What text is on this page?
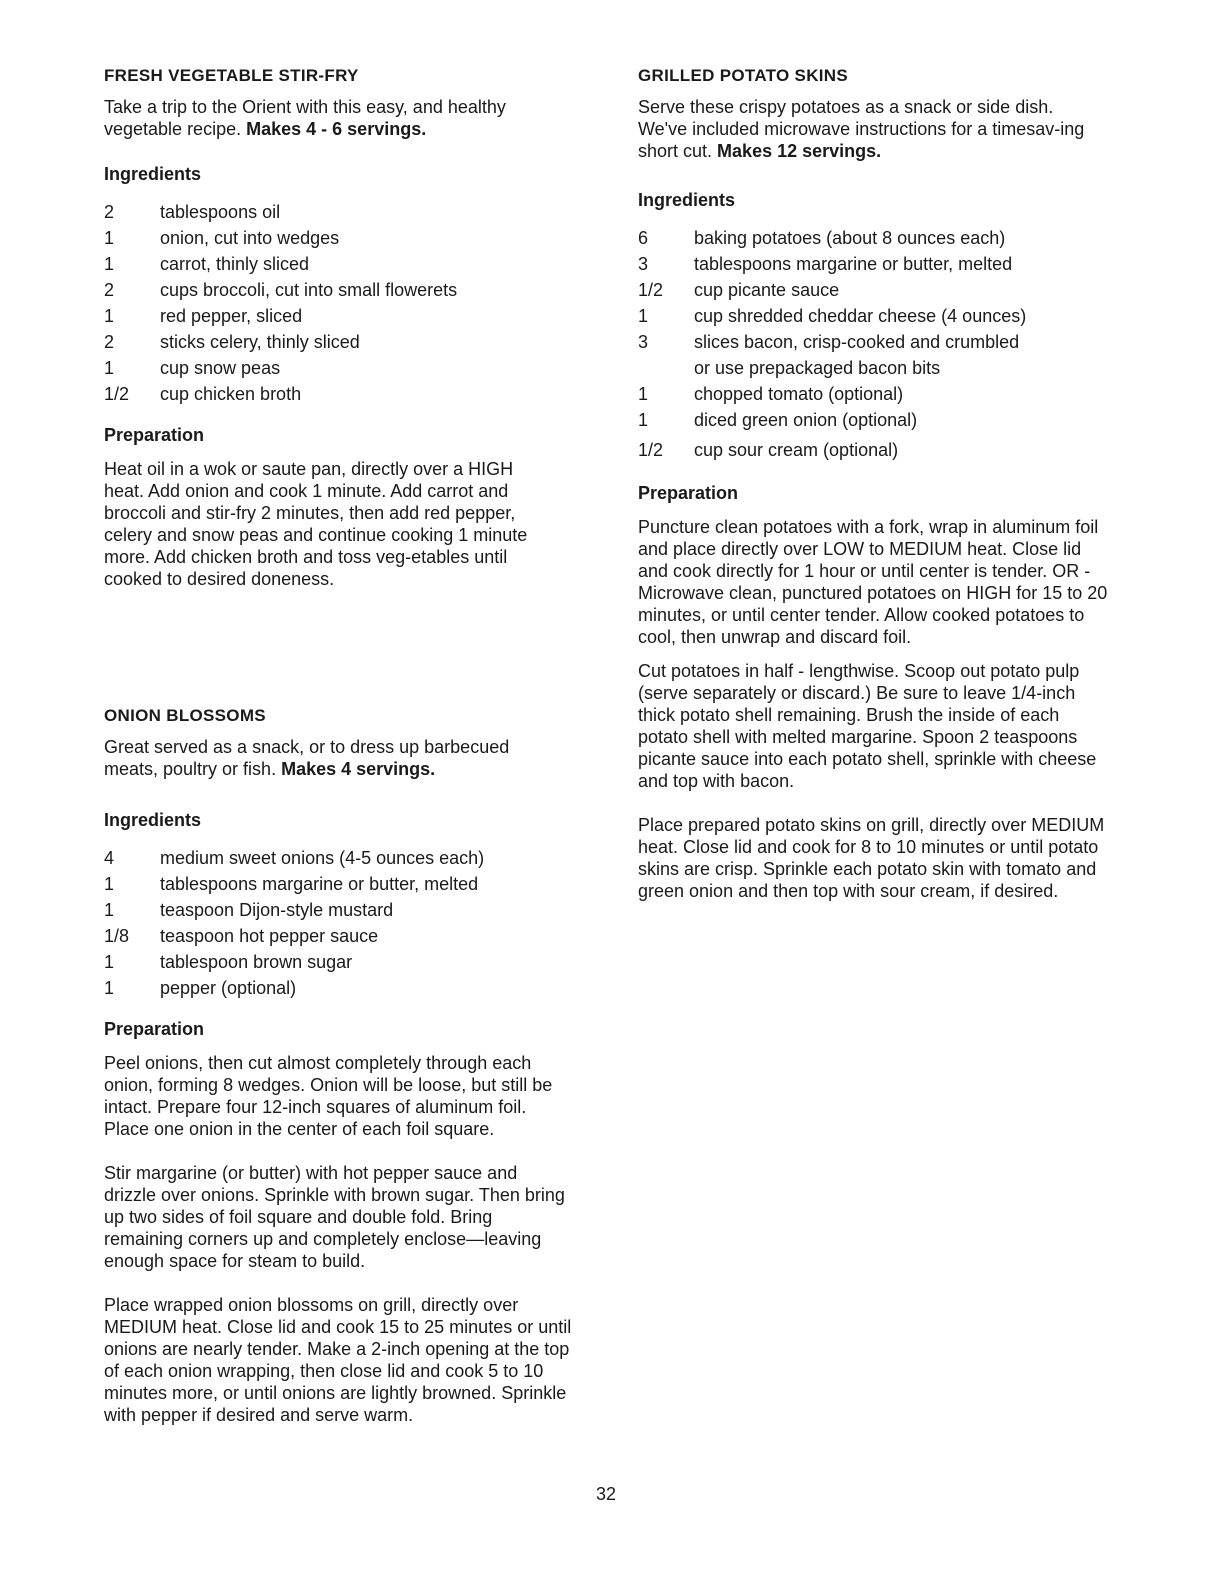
FRESH VEGETABLE STIR-FRY

Take a trip to the Orient with this easy, and healthy vegetable recipe. Makes 4 - 6 servings.

Ingredients
2	tablespoons oil
1	onion, cut into wedges
1	carrot, thinly sliced
2	cups broccoli, cut into small flowerets
1	red pepper, sliced
2	sticks celery, thinly sliced
1	cup snow peas
1/2	cup chicken broth
Preparation

Heat oil in a wok or saute pan, directly over a HIGH heat. Add onion and cook 1 minute. Add carrot and broccoli and stir-fry 2 minutes, then add red pepper, celery and snow peas and continue cooking 1 minute more. Add chicken broth and toss veg-etables until cooked to desired doneness.

ONION BLOSSOMS

Great served as a snack, or to dress up barbecued meats, poultry or fish. Makes 4 servings.

Ingredients
4	medium sweet onions (4-5 ounces each)
1	tablespoons margarine or butter, melted
1	teaspoon Dijon-style mustard
1/8	teaspoon hot pepper sauce
1	tablespoon brown sugar
1	pepper (optional)
Preparation

Peel onions, then cut almost completely through each onion, forming 8 wedges. Onion will be loose, but still be intact. Prepare four 12-inch squares of aluminum foil. Place one onion in the center of each foil square.

Stir margarine (or butter) with hot pepper sauce and drizzle over onions. Sprinkle with brown sugar. Then bring up two sides of foil square and double fold. Bring remaining corners up and completely enclose—leaving enough space for steam to build.

Place wrapped onion blossoms on grill, directly over MEDIUM heat. Close lid and cook 15 to 25 minutes or until onions are nearly tender. Make a 2-inch opening at the top of each onion wrapping, then close lid and cook 5 to 10 minutes more, or until onions are lightly browned. Sprinkle with pepper if desired and serve warm.

GRILLED POTATO SKINS

Serve these crispy potatoes as a snack or side dish. We've included microwave instructions for a timesav-ing short cut. Makes 12 servings.

Ingredients
6	baking potatoes (about 8 ounces each)
3	tablespoons margarine or butter, melted
1/2	cup picante sauce
1	cup shredded cheddar cheese (4 ounces)
3	slices bacon, crisp-cooked and crumbled
or use prepackaged bacon bits
1	chopped tomato (optional)
1	diced green onion (optional)
1/2	cup sour cream (optional)
Preparation

Puncture clean potatoes with a fork, wrap in aluminum foil and place directly over LOW to MEDIUM heat. Close lid and cook directly for 1 hour or until center is tender. OR - Microwave clean, punctured potatoes on HIGH for 15 to 20 minutes, or until center tender. Allow cooked potatoes to cool, then unwrap and discard foil.

Cut potatoes in half - lengthwise. Scoop out potato pulp (serve separately or discard.) Be sure to leave 1/4-inch thick potato shell remaining. Brush the inside of each potato shell with melted margarine. Spoon 2 teaspoons picante sauce into each potato shell, sprinkle with cheese and top with bacon.

Place prepared potato skins on grill, directly over MEDIUM heat. Close lid and cook for 8 to 10 minutes or until potato skins are crisp. Sprinkle each potato skin with tomato and green onion and then top with sour cream, if desired.

32
